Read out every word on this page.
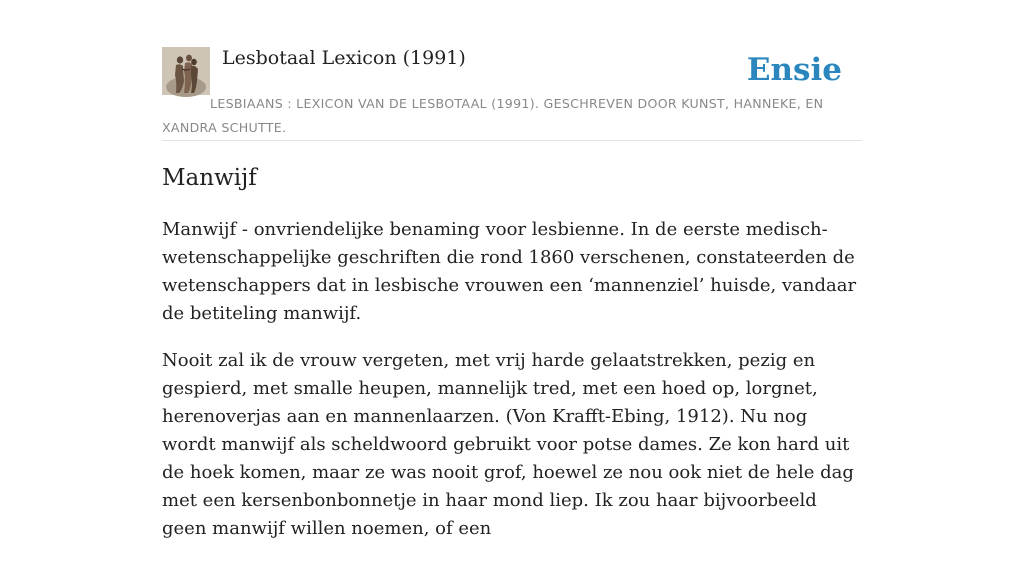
Lesbotaal Lexicon (1991)	Ensie
LESBIAANS : LEXICON VAN DE LESBOTAAL (1991). GESCHREVEN DOOR KUNST, HANNEKE, EN XANDRA SCHUTTE.
Manwijf

Manwijf - onvriendelijke benaming voor lesbienne. In de eerste medisch-wetenschappelijke geschriften die rond 1860 verschenen, constateerden de wetenschappers dat in lesbische vrouwen een ‘mannenziel’ huisde, vandaar de betiteling manwijf.

Nooit zal ik de vrouw vergeten, met vrij harde gelaatstrekken, pezig en gespierd, met smalle heupen, mannelijk tred, met een hoed op, lorgnet, herenoverjas aan en mannenlaarzen. (Von Krafft-Ebing, 1912). Nu nog wordt manwijf als scheldwoord gebruikt voor potse dames. Ze kon hard uit de hoek komen, maar ze was nooit grof, hoewel ze nou ook niet de hele dag met een kersenbonbonnetje in haar mond liep. Ik zou haar bijvoorbeeld geen manwijf willen noemen, of een
